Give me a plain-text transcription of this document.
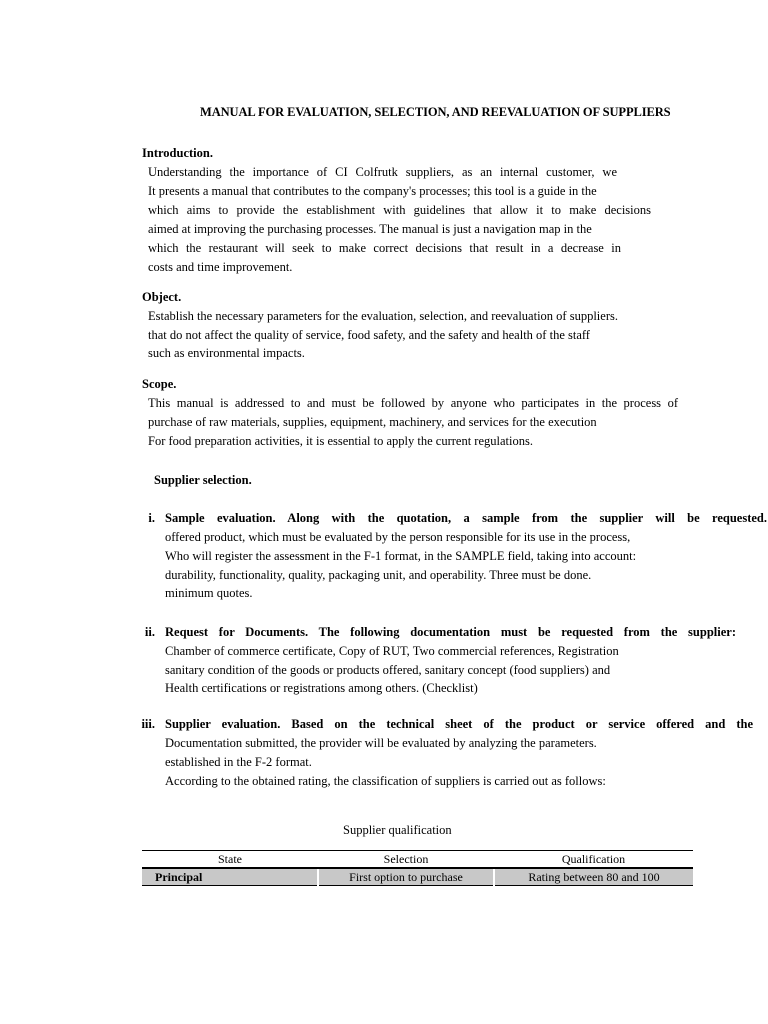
MANUAL FOR EVALUATION, SELECTION, AND REEVALUATION OF SUPPLIERS
Introduction.
Understanding the importance of CI Colfrutk suppliers, as an internal customer, we
It presents a manual that contributes to the company's processes; this tool is a guide in the
which aims to provide the establishment with guidelines that allow it to make decisions
aimed at improving the purchasing processes. The manual is just a navigation map in the
which the restaurant will seek to make correct decisions that result in a decrease in
costs and time improvement.
Object.
Establish the necessary parameters for the evaluation, selection, and reevaluation of suppliers.
that do not affect the quality of service, food safety, and the safety and health of the staff
such as environmental impacts.
Scope.
This manual is addressed to and must be followed by anyone who participates in the process of
purchase of raw materials, supplies, equipment, machinery, and services for the execution
For food preparation activities, it is essential to apply the current regulations.
Supplier selection.
i. Sample evaluation. Along with the quotation, a sample from the supplier will be requested.
offered product, which must be evaluated by the person responsible for its use in the process,
Who will register the assessment in the F-1 format, in the SAMPLE field, taking into account:
durability, functionality, quality, packaging unit, and operability. Three must be done.
minimum quotes.
ii. Request for Documents. The following documentation must be requested from the supplier:
Chamber of commerce certificate, Copy of RUT, Two commercial references, Registration
sanitary condition of the goods or products offered, sanitary concept (food suppliers) and
Health certifications or registrations among others. (Checklist)
iii. Supplier evaluation. Based on the technical sheet of the product or service offered and the
Documentation submitted, the provider will be evaluated by analyzing the parameters.
established in the F-2 format.
According to the obtained rating, the classification of suppliers is carried out as follows:
Supplier qualification
State	Selection	Qualification
Principal	First option to purchase	Rating between 80 and 100
